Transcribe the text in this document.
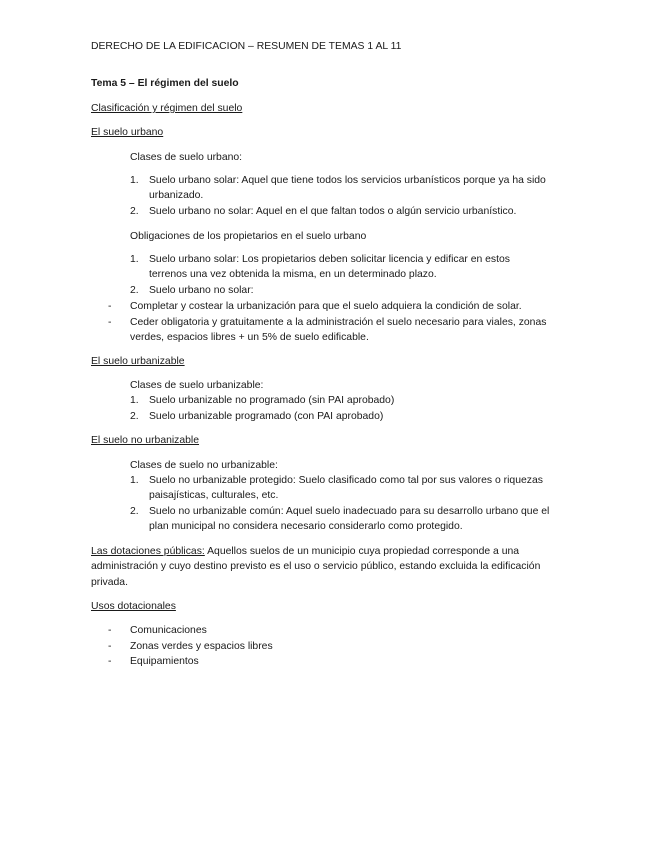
DERECHO DE LA EDIFICACION – RESUMEN DE TEMAS 1 AL 11
Tema 5 – El régimen del suelo
Clasificación y régimen del suelo
El suelo urbano
Clases de suelo urbano:
1. Suelo urbano solar: Aquel que tiene todos los servicios urbanísticos porque ya ha sido
urbanizado.
2. Suelo urbano no solar: Aquel en el que faltan todos o algún servicio urbanístico.
Obligaciones de los propietarios en el suelo urbano
1. Suelo urbano solar: Los propietarios deben solicitar licencia y edificar en estos
terrenos una vez obtenida la misma, en un determinado plazo.
2. Suelo urbano no solar:
- Completar y costear la urbanización para que el suelo adquiera la condición de solar.
- Ceder obligatoria y gratuitamente a la administración el suelo necesario para viales, zonas
verdes, espacios libres + un 5% de suelo edificable.
El suelo urbanizable
Clases de suelo urbanizable:
1. Suelo urbanizable no programado (sin PAI aprobado)
2. Suelo urbanizable programado (con PAI aprobado)
El suelo no urbanizable
Clases de suelo no urbanizable:
1. Suelo no urbanizable protegido: Suelo clasificado como tal por sus valores o riquezas
paisajísticas, culturales, etc.
2. Suelo no urbanizable común: Aquel suelo inadecuado para su desarrollo urbano que el
plan municipal no considera necesario considerarlo como protegido.
Las dotaciones públicas: Aquellos suelos de un municipio cuya propiedad corresponde a una
administración y cuyo destino previsto es el uso o servicio público, estando excluida la edificación
privada.
Usos dotacionales
- Comunicaciones
- Zonas verdes y espacios libres
- Equipamientos
